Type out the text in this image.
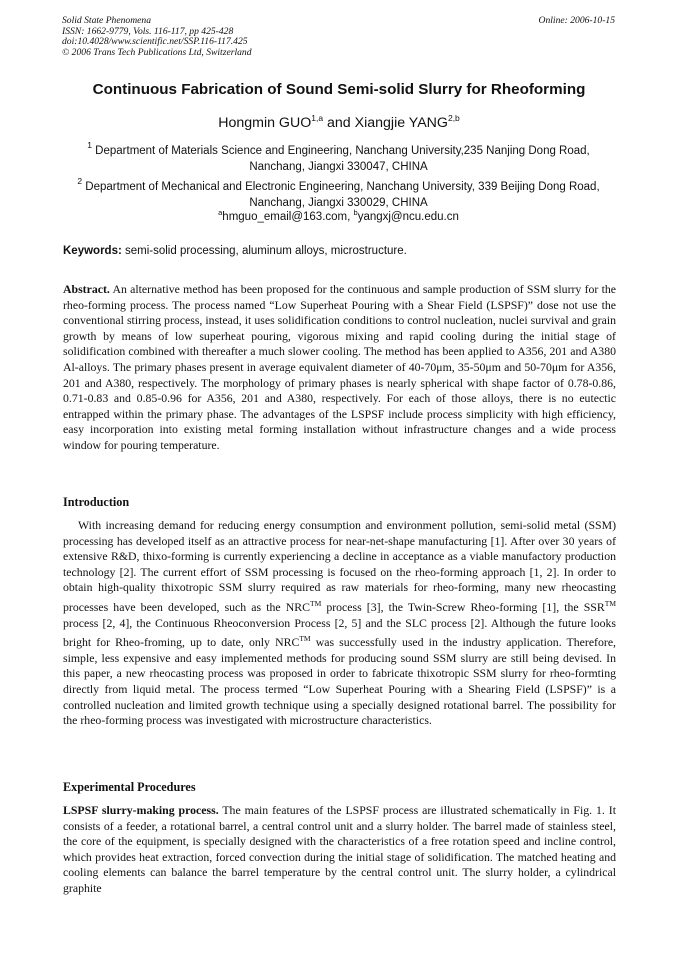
Solid State Phenomena
ISSN: 1662-9779, Vols. 116-117, pp 425-428
doi:10.4028/www.scientific.net/SSP.116-117.425
© 2006 Trans Tech Publications Ltd, Switzerland
Online: 2006-10-15
Continuous Fabrication of Sound Semi-solid Slurry for Rheoforming
Hongmin GUO$^{1,a}$ and Xiangjie YANG$^{2,b}$
$^1$ Department of Materials Science and Engineering, Nanchang University,235 Nanjing Dong Road, Nanchang, Jiangxi 330047, CHINA
$^2$ Department of Mechanical and Electronic Engineering, Nanchang University, 339 Beijing Dong Road, Nanchang, Jiangxi 330029, CHINA
$^a$hmguo_email@163.com, $^b$yangxj@ncu.edu.cn
Keywords: semi-solid processing, aluminum alloys, microstructure.
Abstract. An alternative method has been proposed for the continuous and sample production of SSM slurry for the rheo-forming process. The process named “Low Superheat Pouring with a Shear Field (LSPSF)” dose not use the conventional stirring process, instead, it uses solidification conditions to control nucleation, nuclei survival and grain growth by means of low superheat pouring, vigorous mixing and rapid cooling during the initial stage of solidification combined with thereafter a much slower cooling. The method has been applied to A356, 201 and A380 Al-alloys. The primary phases present in average equivalent diameter of 40-70μm, 35-50μm and 50-70μm for A356, 201 and A380, respectively. The morphology of primary phases is nearly spherical with shape factor of 0.78-0.86, 0.71-0.83 and 0.85-0.96 for A356, 201 and A380, respectively. For each of those alloys, there is no eutectic entrapped within the primary phase. The advantages of the LSPSF include process simplicity with high efficiency, easy incorporation into existing metal forming installation without infrastructure changes and a wide process window for pouring temperature.
Introduction
With increasing demand for reducing energy consumption and environment pollution, semi-solid metal (SSM) processing has developed itself as an attractive process for near-net-shape manufacturing [1]. After over 30 years of extensive R&D, thixo-forming is currently experiencing a decline in acceptance as a viable manufactory production technology [2]. The current effort of SSM processing is focused on the rheo-forming approach [1, 2]. In order to obtain high-quality thixotropic SSM slurry required as raw materials for rheo-forming, many new rheocasting processes have been developed, such as the NRC™ process [3], the Twin-Screw Rheo-forming [1], the SSR™ process [2, 4], the Continuous Rheoconversion Process [2, 5] and the SLC process [2]. Although the future looks bright for Rheo-froming, up to date, only NRC™ was successfully used in the industry application. Therefore, simple, less expensive and easy implemented methods for producing sound SSM slurry are still being devised. In this paper, a new rheocasting process was proposed in order to fabricate thixotropic SSM slurry for rheo-formting directly from liquid metal. The process termed “Low Superheat Pouring with a Shearing Field (LSPSF)” is a controlled nucleation and limited growth technique using a specially designed rotational barrel. The possibility for the rheo-forming process was investigated with microstructure characteristics.
Experimental Procedures
LSPSF slurry-making process. The main features of the LSPSF process are illustrated schematically in Fig. 1. It consists of a feeder, a rotational barrel, a central control unit and a slurry holder. The barrel made of stainless steel, the core of the equipment, is specially designed with the characteristics of a free rotation speed and incline control, which provides heat extraction, forced convection during the initial stage of solidification. The matched heating and cooling elements can balance the barrel temperature by the central control unit. The slurry holder, a cylindrical graphite
